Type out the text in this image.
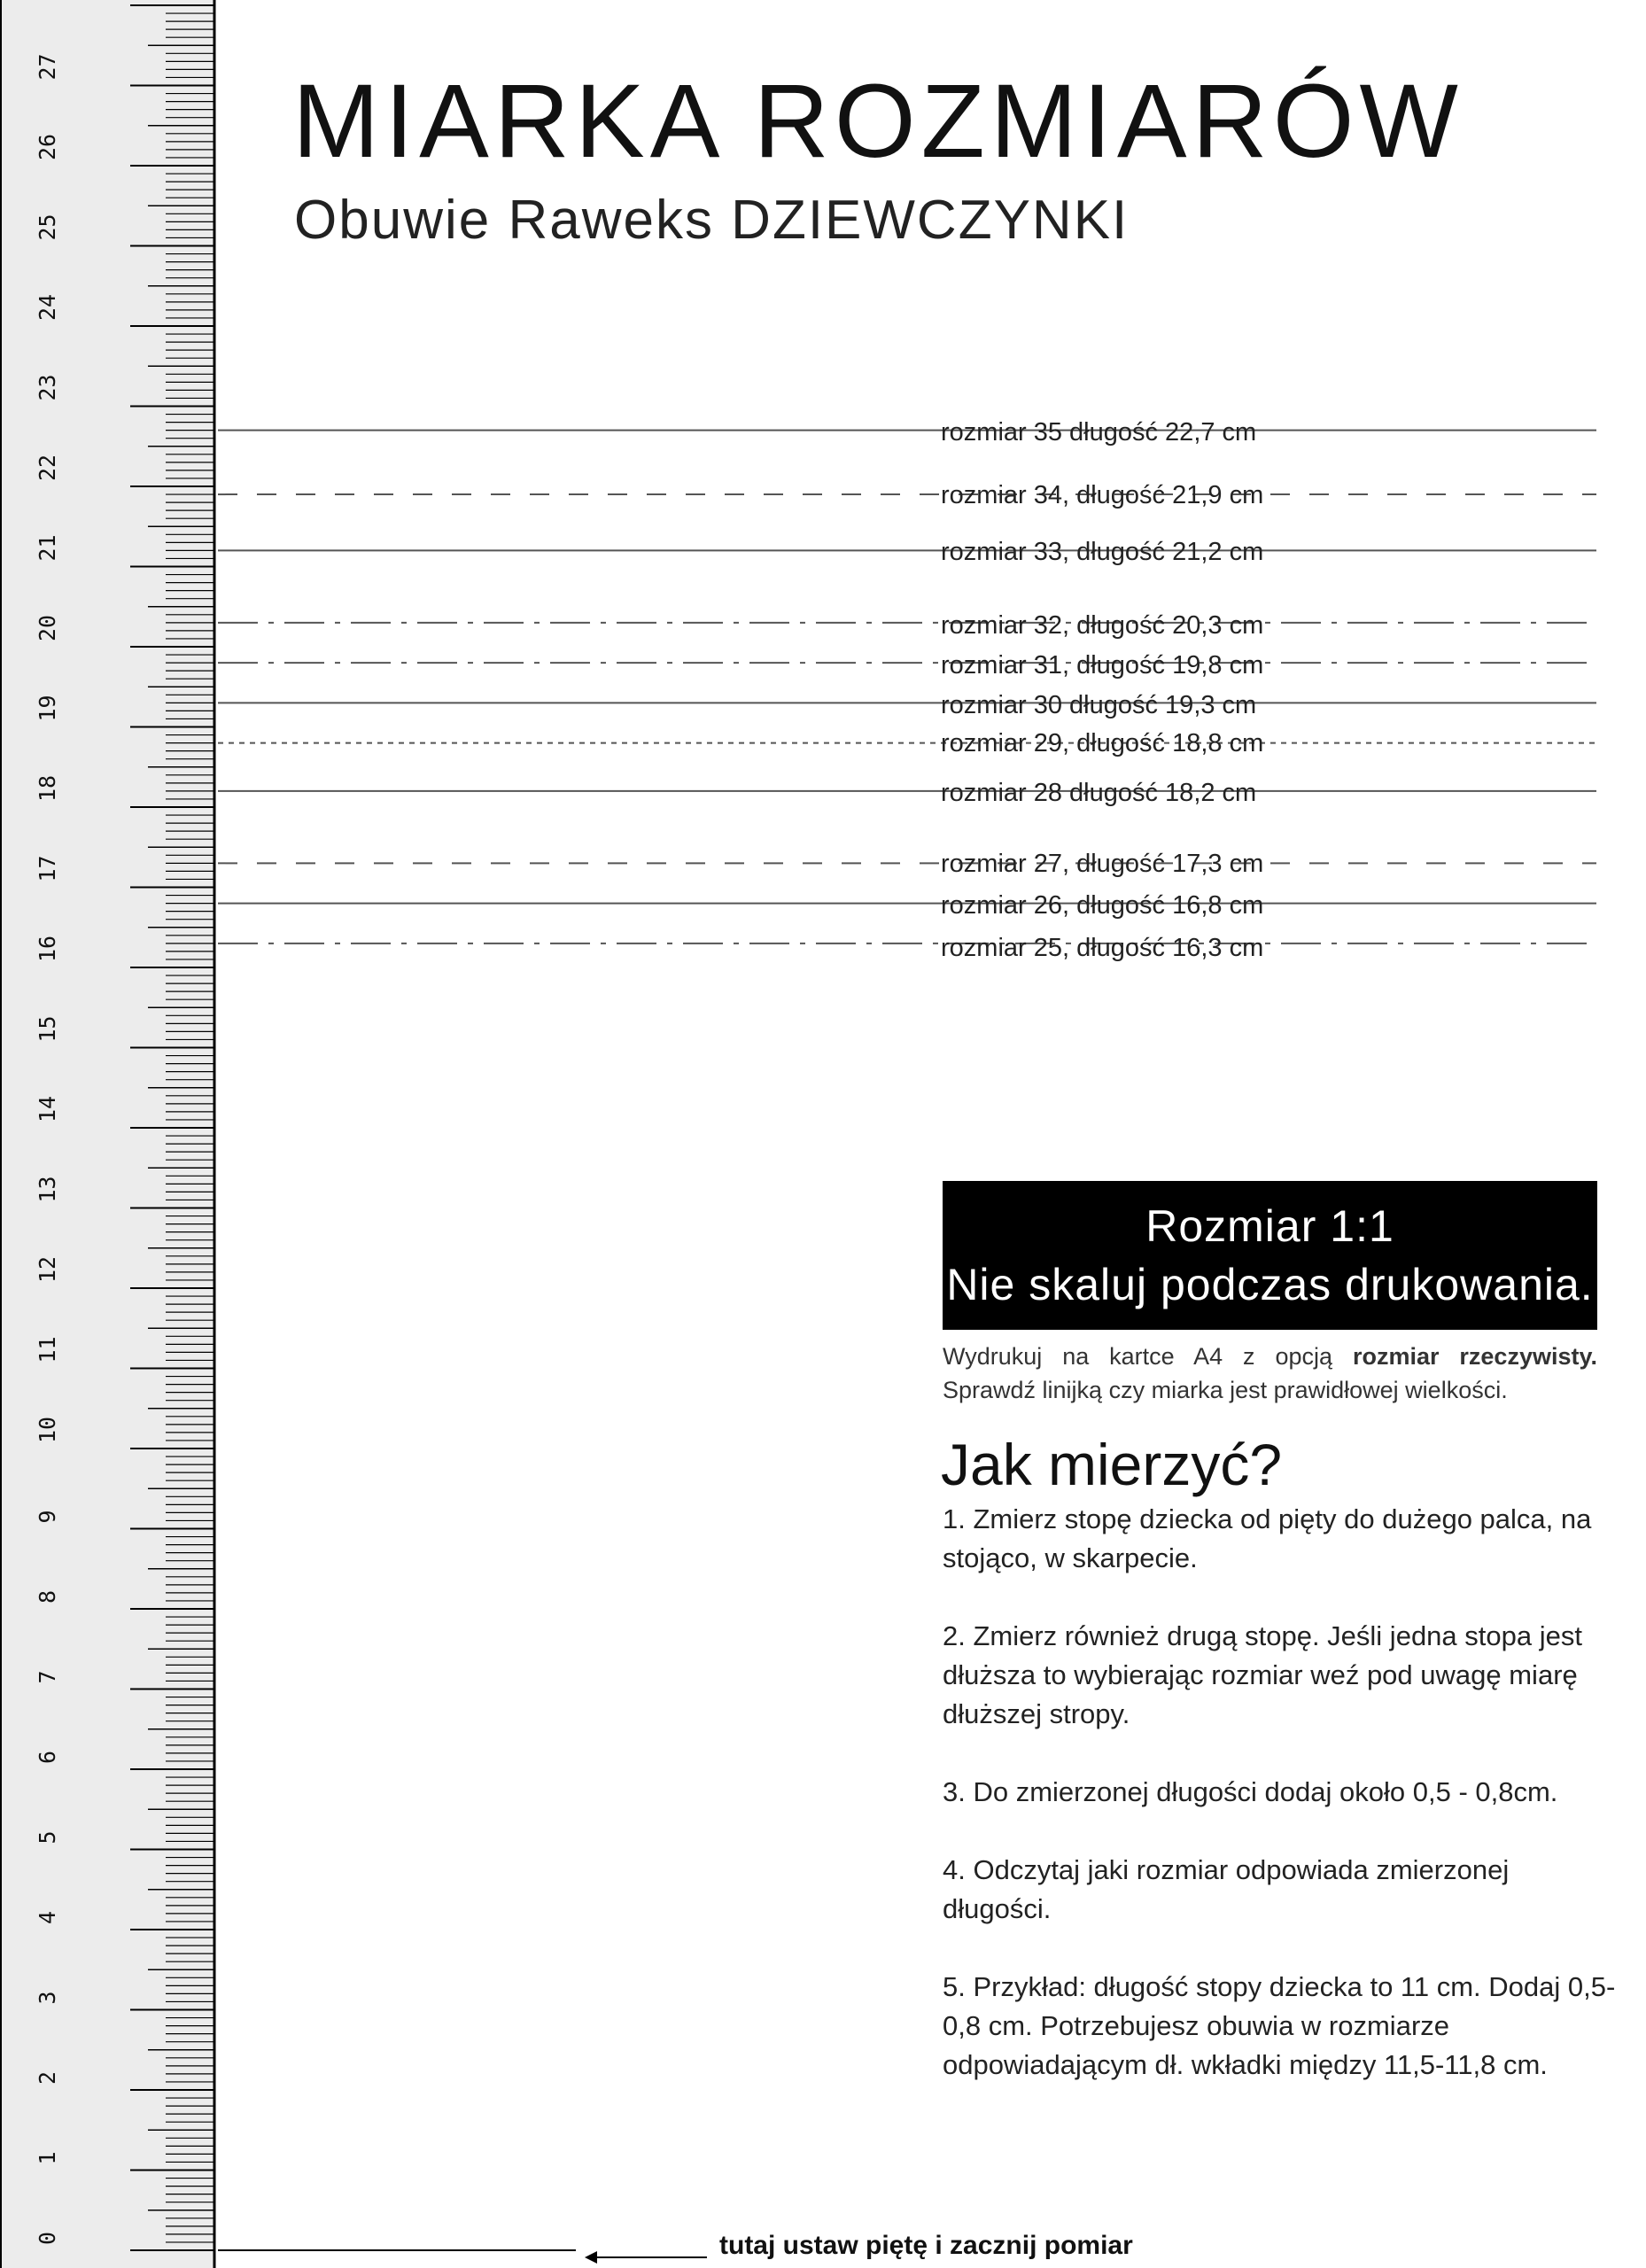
0
1
2
3
4
5
6
7
8
9
10
11
12
13
14
15
16
17
18
19
20
21
22
23
24
25
26
27 MIARKA ROZMIARÓW
Obuwie Raweks DZIEWCZYNKI
rozmiar 35 długość 22,7 cm
rozmiar 34, długość 21,9 cm
rozmiar 33, długość 21,2 cm
rozmiar 32, długość 20,3 cm
rozmiar 31, długość 19,8 cm
rozmiar 30 długość 19,3 cm
rozmiar 29, długość 18,8 cm
rozmiar 28 długość 18,2 cm
rozmiar 27, długość 17,3 cm
rozmiar 26, długość 16,8 cm
rozmiar 25, długość 16,3 cm
Rozmiar 1:1
Nie skaluj podczas drukowania.
Wydrukuj na kartce A4 z opcją rozmiar rzeczywisty.
Sprawdź linijką czy miarka jest prawidłowej wielkości.
Jak mierzyć?

1. Zmierz stopę dziecka od pięty do dużego palca, na stojąco, w skarpecie.

2. Zmierz również drugą stopę. Jeśli jedna stopa jest dłuższa to wybierając rozmiar weź pod uwagę miarę dłuższej stropy.

3. Do zmierzonej długości dodaj około 0,5 - 0,8cm.

4. Odczytaj jaki rozmiar odpowiada zmierzonej długości.

5. Przykład: długość stopy dziecka to 11 cm. Dodaj 0,5-0,8 cm. Potrzebujesz obuwia w rozmiarze odpowiadającym dł. wkładki między 11,5-11,8 cm.

tutaj ustaw piętę i zacznij pomiar
